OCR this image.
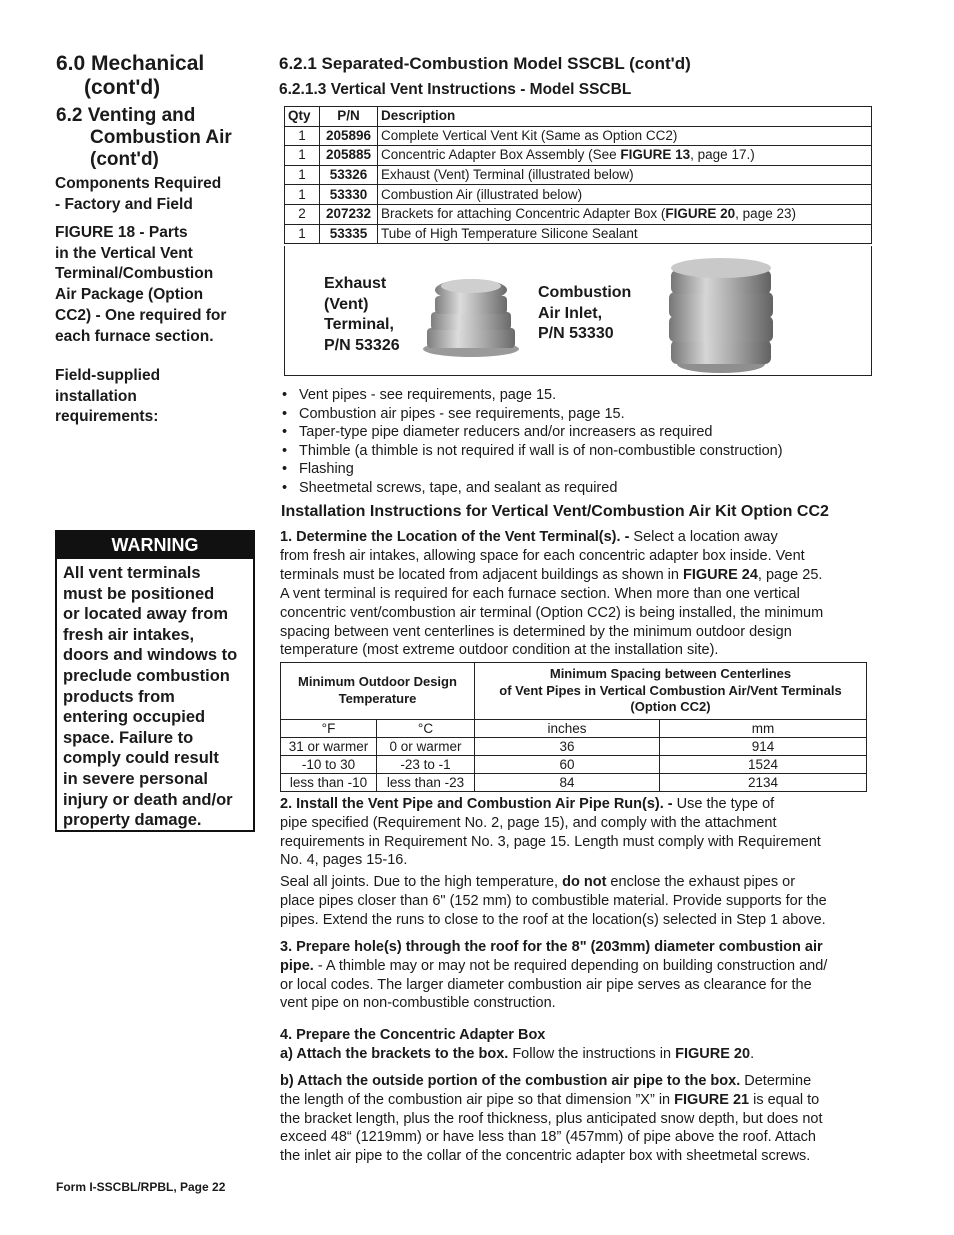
6.0 Mechanical
(cont'd)
6.2 Venting and
Combustion Air
(cont'd)
Components Required
- Factory and Field
FIGURE 18 - Parts
in the Vertical Vent
Terminal/Combustion
Air Package (Option
CC2) - One required for
each furnace section.
Field-supplied
installation
requirements:
WARNING
All vent terminals
must be positioned
or located away from
fresh air intakes,
doors and windows to
preclude combustion
products from
entering occupied
space. Failure to
comply could result
in severe personal
injury or death and/or
property damage.
Form I-SSCBL/RPBL, Page 22
6.2.1 Separated-Combustion Model SSCBL (cont'd)
6.2.1.3 Vertical Vent Instructions - Model SSCBL
Qty	P/N	Description
1	205896	Complete Vertical Vent Kit (Same as Option CC2)
1	205885	Concentric Adapter Box Assembly (See FIGURE 13, page 17.)
1	53326	Exhaust (Vent) Terminal (illustrated below)
1	53330	Combustion Air (illustrated below)
2	207232	Brackets for attaching Concentric Adapter Box (FIGURE 20, page 23)
1	53335	Tube of High Temperature Silicone Sealant
Exhaust
(Vent)
Terminal,
P/N 53326
Combustion
Air Inlet,
P/N 53330
• Vent pipes - see requirements, page 15.
• Combustion air pipes - see requirements, page 15.
• Taper-type pipe diameter reducers and/or increasers as required
• Thimble (a thimble is not required if wall is of non-combustible construction)
• Flashing
• Sheetmetal screws, tape, and sealant as required
Installation Instructions for Vertical Vent/Combustion Air Kit Option CC2
1. Determine the Location of the Vent Terminal(s). - Select a location away
from fresh air intakes, allowing space for each concentric adapter box inside. Vent
terminals must be located from adjacent buildings as shown in FIGURE 24, page 25.
A vent terminal is required for each furnace section. When more than one vertical
concentric vent/combustion air terminal (Option CC2) is being installed, the minimum
spacing between vent centerlines is determined by the minimum outdoor design
temperature (most extreme outdoor condition at the installation site).
Minimum Outdoor Design
Temperature		Minimum Spacing between Centerlines
of Vent Pipes in Vertical Combustion Air/Vent Terminals
(Option CC2)	
°F	°C	inches	mm
31 or warmer	0 or warmer	36	914
-10 to 30	-23 to -1	60	1524
less than -10	less than -23	84	2134
2. Install the Vent Pipe and Combustion Air Pipe Run(s). - Use the type of
pipe specified (Requirement No. 2, page 15), and comply with the attachment
requirements in Requirement No. 3, page 15. Length must comply with Requirement
No. 4, pages 15-16.
Seal all joints. Due to the high temperature, do not enclose the exhaust pipes or
place pipes closer than 6" (152 mm) to combustible material. Provide supports for the
pipes. Extend the runs to close to the roof at the location(s) selected in Step 1 above.
3. Prepare hole(s) through the roof for the 8" (203mm) diameter combustion air
pipe. - A thimble may or may not be required depending on building construction and/
or local codes. The larger diameter combustion air pipe serves as clearance for the
vent pipe on non-combustible construction.
4. Prepare the Concentric Adapter Box
a) Attach the brackets to the box. Follow the instructions in FIGURE 20.
b) Attach the outside portion of the combustion air pipe to the box. Determine
the length of the combustion air pipe so that dimension ”X” in FIGURE 21 is equal to
the bracket length, plus the roof thickness, plus anticipated snow depth, but does not
exceed 48“ (1219mm) or have less than 18” (457mm) of pipe above the roof. Attach
the inlet air pipe to the collar of the concentric adapter box with sheetmetal screws.
